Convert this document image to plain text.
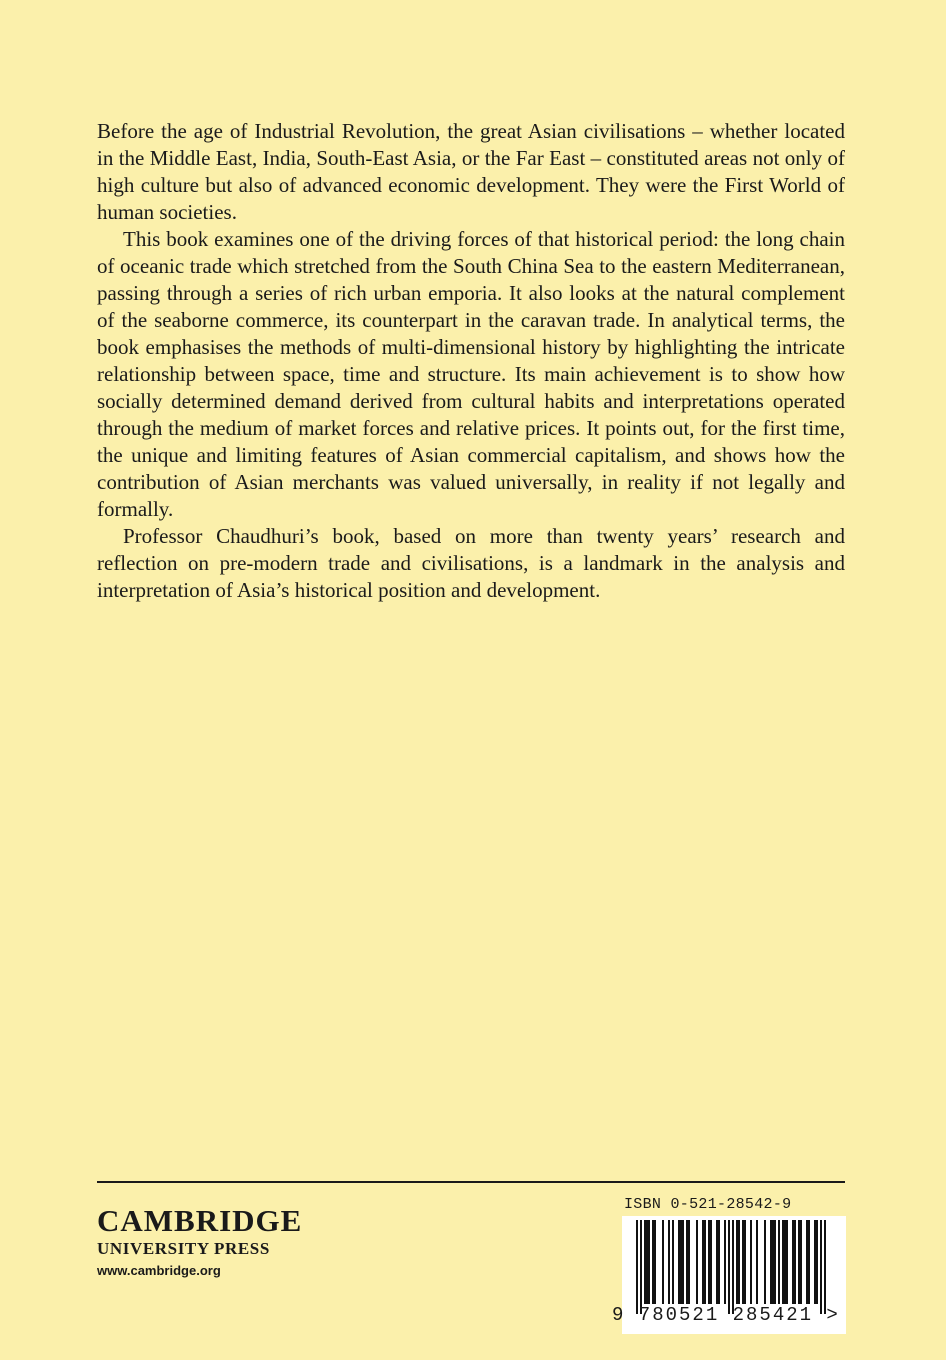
Before the age of Industrial Revolution, the great Asian civilisations – whether located in the Middle East, India, South-East Asia, or the Far East – constituted areas not only of high culture but also of advanced economic development. They were the First World of human societies.

This book examines one of the driving forces of that historical period: the long chain of oceanic trade which stretched from the South China Sea to the eastern Mediterranean, passing through a series of rich urban emporia. It also looks at the natural complement of the seaborne commerce, its counterpart in the caravan trade. In analytical terms, the book emphasises the methods of multi-dimensional history by highlighting the intricate relationship between space, time and structure. Its main achievement is to show how socially determined demand derived from cultural habits and interpretations operated through the medium of market forces and relative prices. It points out, for the first time, the unique and limiting features of Asian commercial capitalism, and shows how the contribution of Asian merchants was valued universally, in reality if not legally and formally.

Professor Chaudhuri’s book, based on more than twenty years’ research and reflection on pre-modern trade and civilisations, is a landmark in the analysis and interpretation of Asia’s historical position and development.

CAMBRIDGE
UNIVERSITY PRESS
www.cambridge.org
ISBN 0-521-28542-9
9 780521 285421 >
